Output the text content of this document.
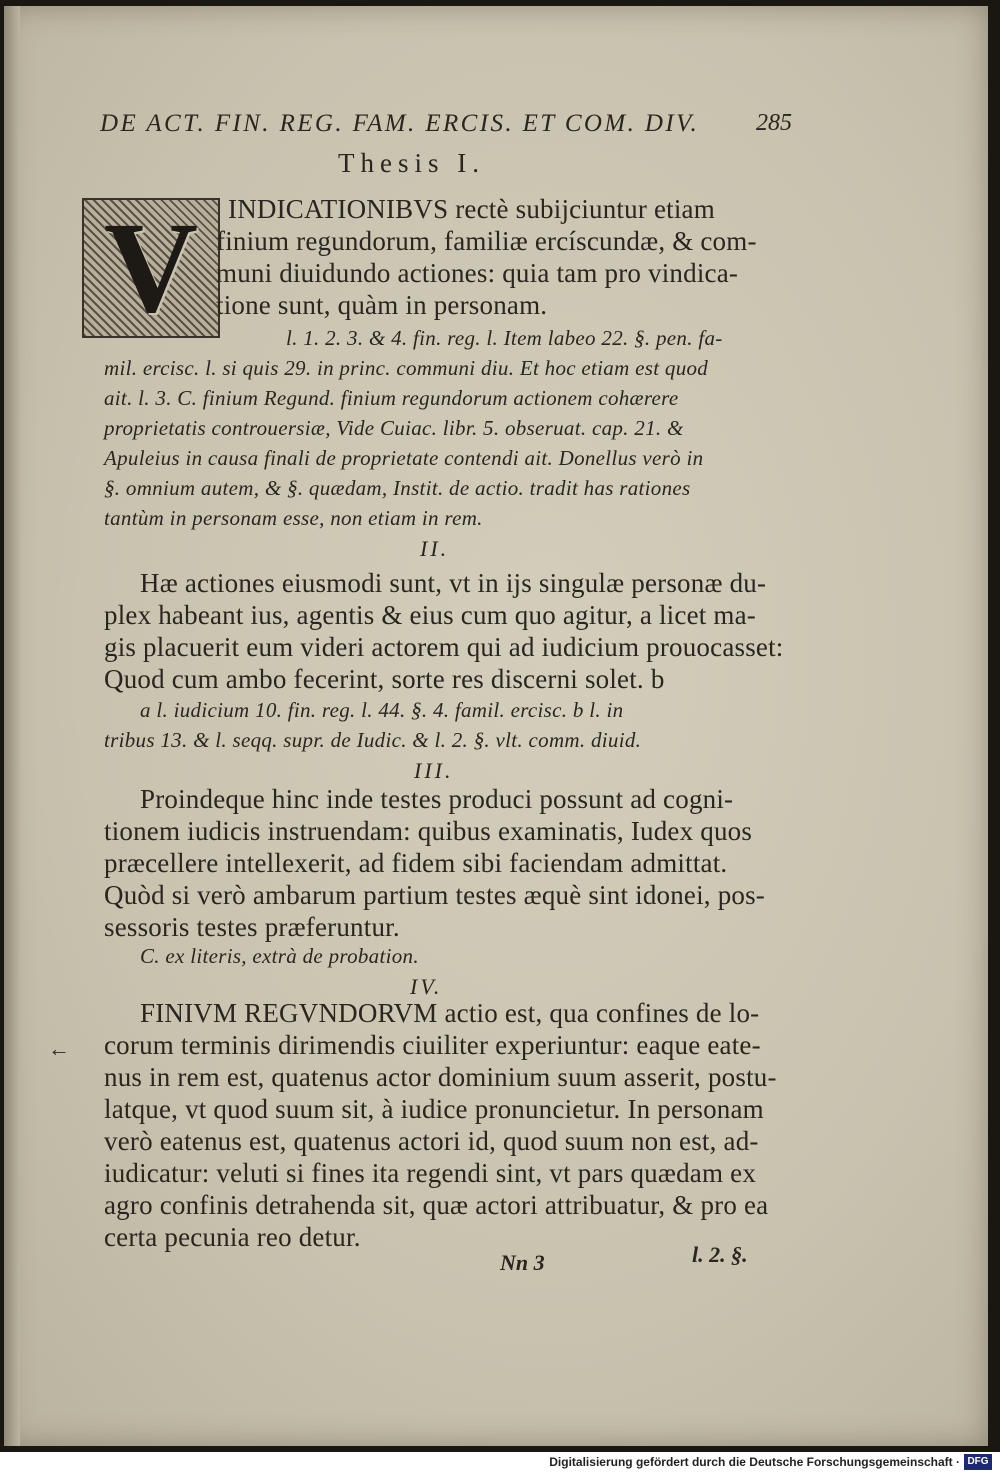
DE ACT. FIN. REG. FAM. ERCIS. ET COM. DIV.	285
Thesis I.
V	INDICATIONIBVS rectè subijciuntur etiam
finium regundorum, familiæ ercíscundæ, & com-
muni diuidundo actiones: quia tam pro vindica-
tione sunt, quàm in personam.
l. 1. 2. 3. & 4. fin. reg. l. Item labeo 22. §. pen. fa-
mil. ercisc. l. si quis 29. in princ. communi diu. Et hoc etiam est quod
ait. l. 3. C. finium Regund. finium regundorum actionem cohærere
proprietatis controuersiæ, Vide Cuiac. libr. 5. obseruat. cap. 21. &
Apuleius in causa finali de proprietate contendi ait. Donellus verò in
§. omnium autem, & §. quædam, Instit. de actio. tradit has rationes
tantùm in personam esse, non etiam in rem.
II.
Hæ actiones eiusmodi sunt, vt in ijs singulæ personæ du-
plex habeant ius, agentis & eius cum quo agitur, a licet ma-
gis placuerit eum videri actorem qui ad iudicium prouocasset:
Quod cum ambo fecerint, sorte res discerni solet. b
a l. iudicium 10. fin. reg. l. 44. §. 4. famil. ercisc. b l. in
tribus 13. & l. seqq. supr. de Iudic. & l. 2. §. vlt. comm. diuid.
III.
Proindeque hinc inde testes produci possunt ad cogni-
tionem iudicis instruendam: quibus examinatis, Iudex quos
præcellere intellexerit, ad fidem sibi faciendam admittat.
Quòd si verò ambarum partium testes æquè sint idonei, pos-
sessoris testes præferuntur.
C. ex literis, extrà de probation.
IV.
FINIVM REGVNDORVM actio est, qua confines de lo-
corum terminis dirimendis ciuiliter experiuntur: eaque eate-
nus in rem est, quatenus actor dominium suum asserit, postu-
latque, vt quod suum sit, à iudice pronuncietur. In personam
verò eatenus est, quatenus actori id, quod suum non est, ad-
iudicatur: veluti si fines ita regendi sint, vt pars quædam ex
agro confinis detrahenda sit, quæ actori attribuatur, & pro ea
certa pecunia reo detur.
←
Nn 3	l. 2. §.
Digitalisierung gefördert durch die Deutsche Forschungsgemeinschaft · DFG
